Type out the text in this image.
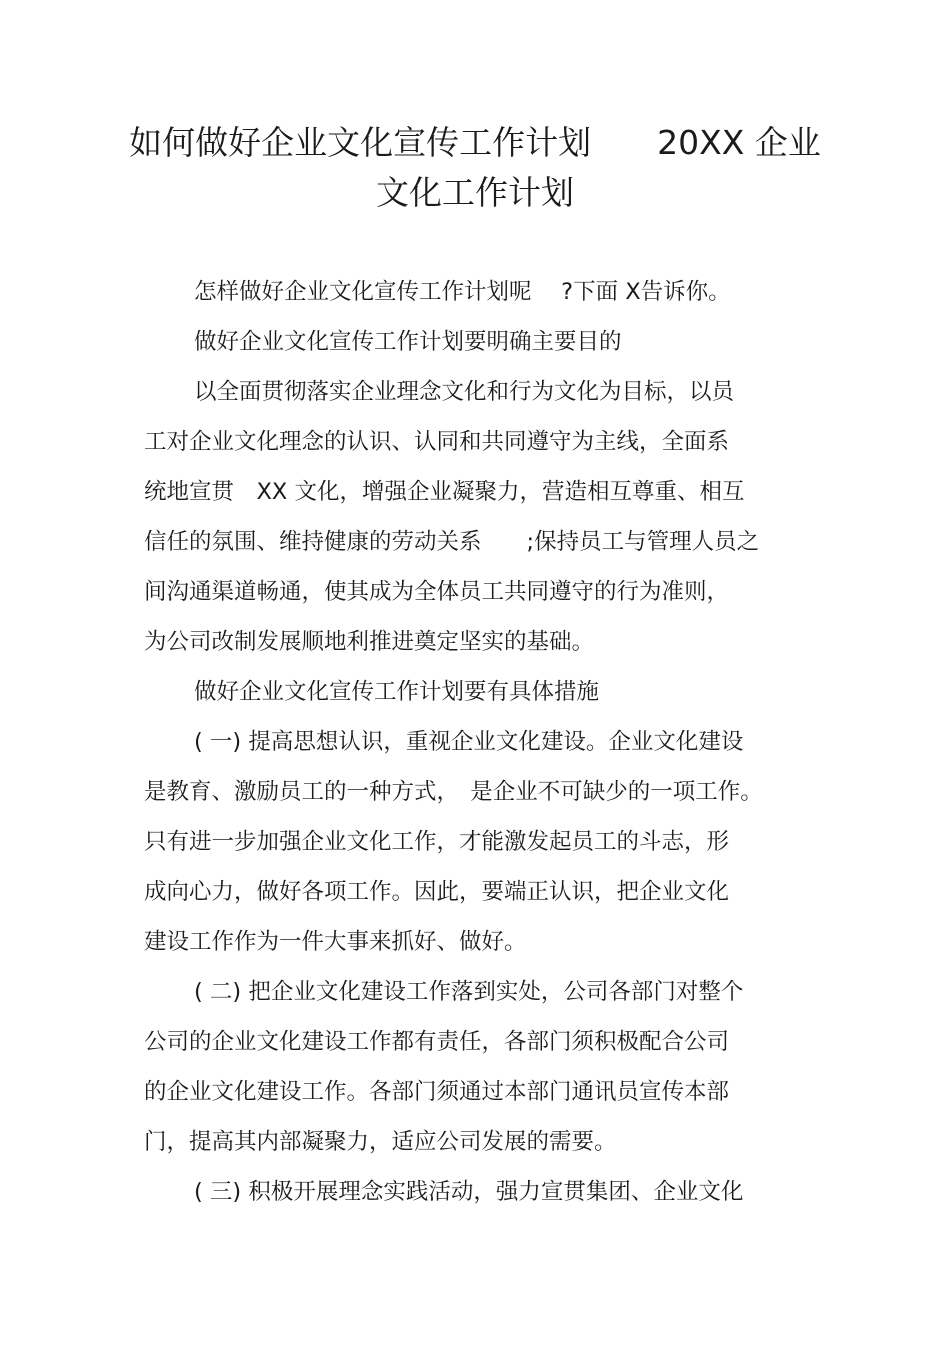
如何做好企业文化宣传工作计划　　20XX 企业
文化工作计划
怎样做好企业文化宣传工作计划呢　 ?下面 X告诉你。
做好企业文化宣传工作计划要明确主要目的
以全面贯彻落实企业理念文化和行为文化为目标，以员
工对企业文化理念的认识、认同和共同遵守为主线，全面系
统地宣贯　XX 文化，增强企业凝聚力，营造相互尊重、相互
信任的氛围、维持健康的劳动关系　　;保持员工与管理人员之
间沟通渠道畅通，使其成为全体员工共同遵守的行为准则，
为公司改制发展顺地利推进奠定坚实的基础。
做好企业文化宣传工作计划要有具体措施
( 一) 提高思想认识，重视企业文化建设。企业文化建设
是教育、激励员工的一种方式，　是企业不可缺少的一项工作。
只有进一步加强企业文化工作，才能激发起员工的斗志，形
成向心力，做好各项工作。因此，要端正认识，把企业文化
建设工作作为一件大事来抓好、做好。
( 二) 把企业文化建设工作落到实处，公司各部门对整个
公司的企业文化建设工作都有责任，各部门须积极配合公司
的企业文化建设工作。各部门须通过本部门通讯员宣传本部
门，提高其内部凝聚力，适应公司发展的需要。
( 三) 积极开展理念实践活动，强力宣贯集团、企业文化
